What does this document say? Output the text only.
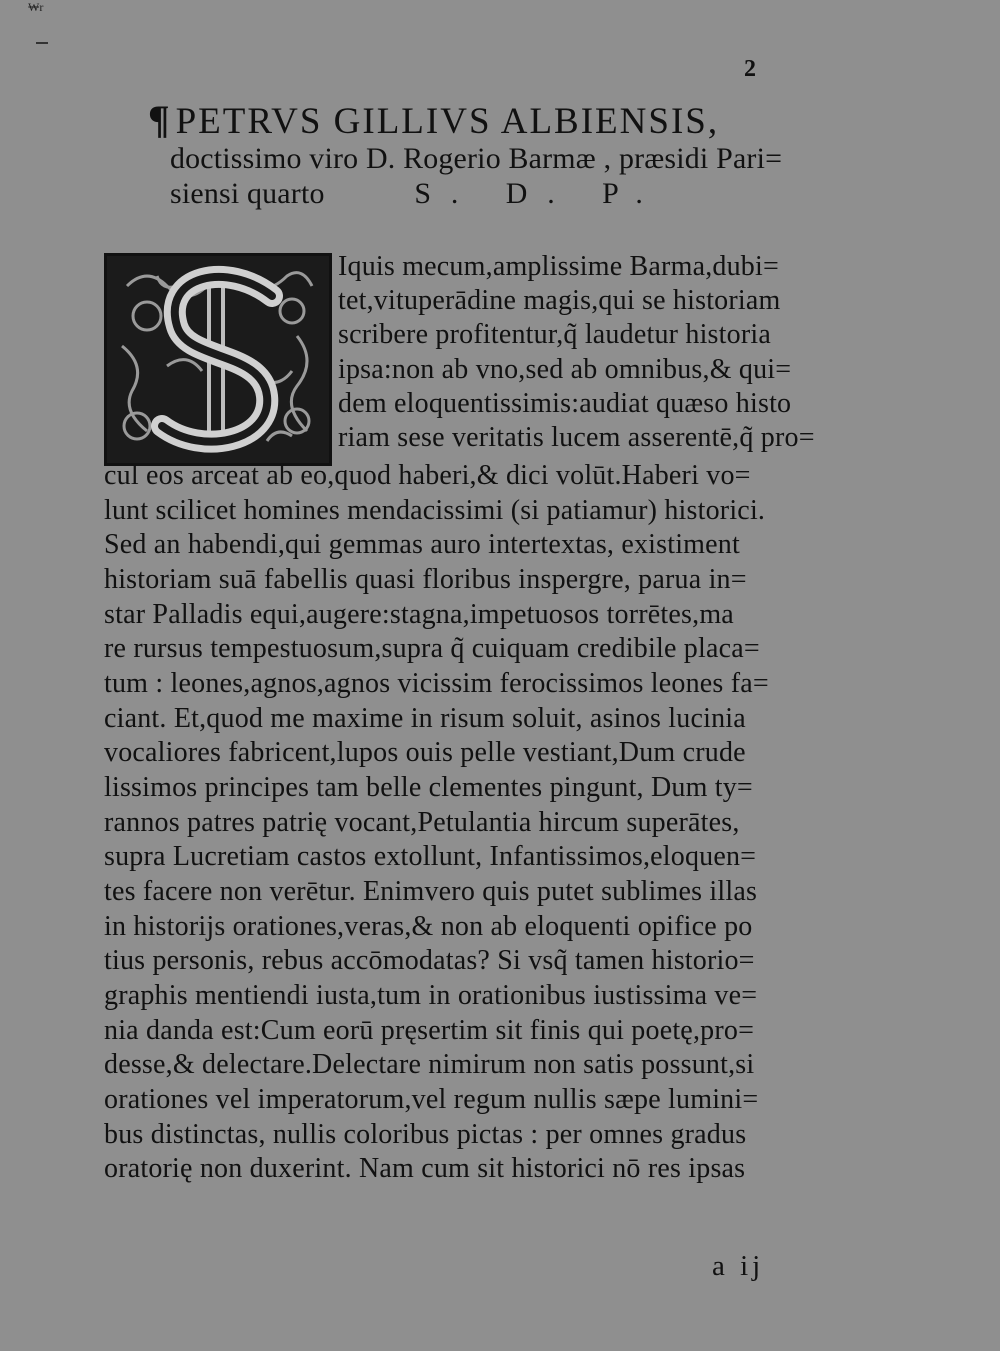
₩r
2
¶ PETRVS GILLIVS ALBIENSIS,
doctissimo viro D. Rogerio Barmæ , præsidi Pari=
siensi quarto	S. D. P.
Iquis mecum,amplissime Barma,dubi=
tet,vituperādine magis,qui se historiam
scribere profitentur,q̃ laudetur historia
ipsa:non ab vno,sed ab omnibus,& qui=
dem eloquentissimis:audiat quæso histo
riam sese veritatis lucem asserentē,q̃ pro=
cul eos arceat ab eo,quod haberi,& dici volūt.Haberi vo=
lunt scilicet homines mendacissimi (si patiamur) historici.
Sed an habendi,qui gemmas auro intertextas, existiment
historiam suā fabellis quasi floribus inspergre, parua in=
star Palladis equi,augere:stagna,impetuosos torrētes,ma
re rursus tempestuosum,supra q̃ cuiquam credibile placa=
tum : leones,agnos,agnos vicissim ferocissimos leones fa=
ciant. Et,quod me maxime in risum soluit, asinos lucinia
vocaliores fabricent,lupos ouis pelle vestiant,Dum crude
lissimos principes tam belle clementes pingunt, Dum ty=
rannos patres patrię vocant,Petulantia hircum superātes,
supra Lucretiam castos extollunt, Infantissimos,eloquen=
tes facere non verētur. Enimvero quis putet sublimes illas
in historijs orationes,veras,& non ab eloquenti opifice po
tius personis, rebus accōmodatas? Si vsq̃ tamen historio=
graphis mentiendi iusta,tum in orationibus iustissima ve=
nia danda est:Cum eorū pręsertim sit finis qui poetę,pro=
desse,& delectare.Delectare nimirum non satis possunt,si
orationes vel imperatorum,vel regum nullis sæpe lumini=
bus distinctas, nullis coloribus pictas : per omnes gradus
oratorię non duxerint. Nam cum sit historici nō res ipsas
a ij
